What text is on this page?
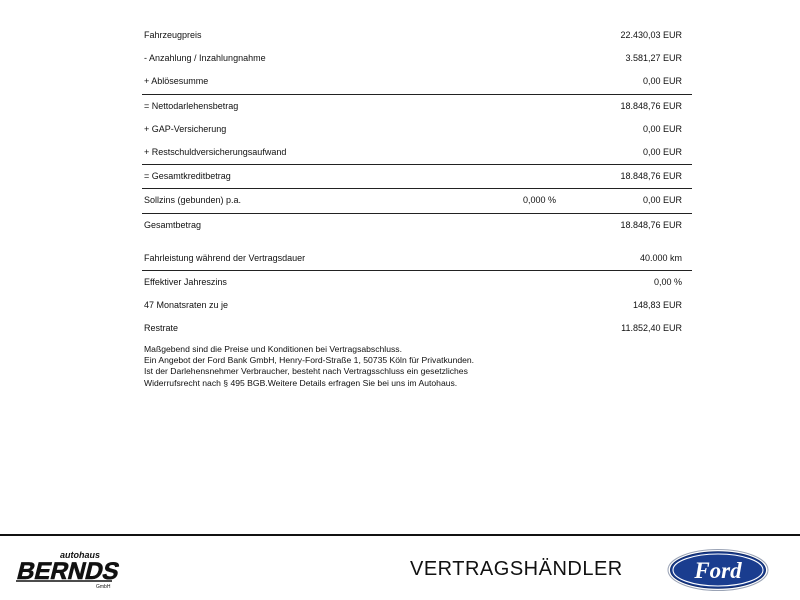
Fahrzeugpreis	22.430,03 EUR
- Anzahlung / Inzahlungnahme	3.581,27 EUR
+ Ablösesumme	0,00 EUR
= Nettodarlehensbetrag	18.848,76 EUR
+ GAP-Versicherung	0,00 EUR
+ Restschuldversicherungsaufwand	0,00 EUR
= Gesamtkreditbetrag	18.848,76 EUR
Sollzins (gebunden) p.a.	0,000 %	0,00 EUR
Gesamtbetrag	18.848,76 EUR
Fahrleistung während der Vertragsdauer	40.000 km
Effektiver Jahreszins	0,00 %
47 Monatsraten zu je	148,83 EUR
Restrate	11.852,40 EUR
Maßgebend sind die Preise und Konditionen bei Vertragsabschluss.
Ein Angebot der Ford Bank GmbH, Henry-Ford-Straße 1, 50735 Köln für Privatkunden.
Ist der Darlehensnehmer Verbraucher, besteht nach Vertragsschluss ein gesetzliches
Widerrufsrecht nach § 495 BGB.Weitere Details erfragen Sie bei uns im Autohaus.
autohaus
BERNDS
GmbH
VERTRAGSHÄNDLER	Ford
